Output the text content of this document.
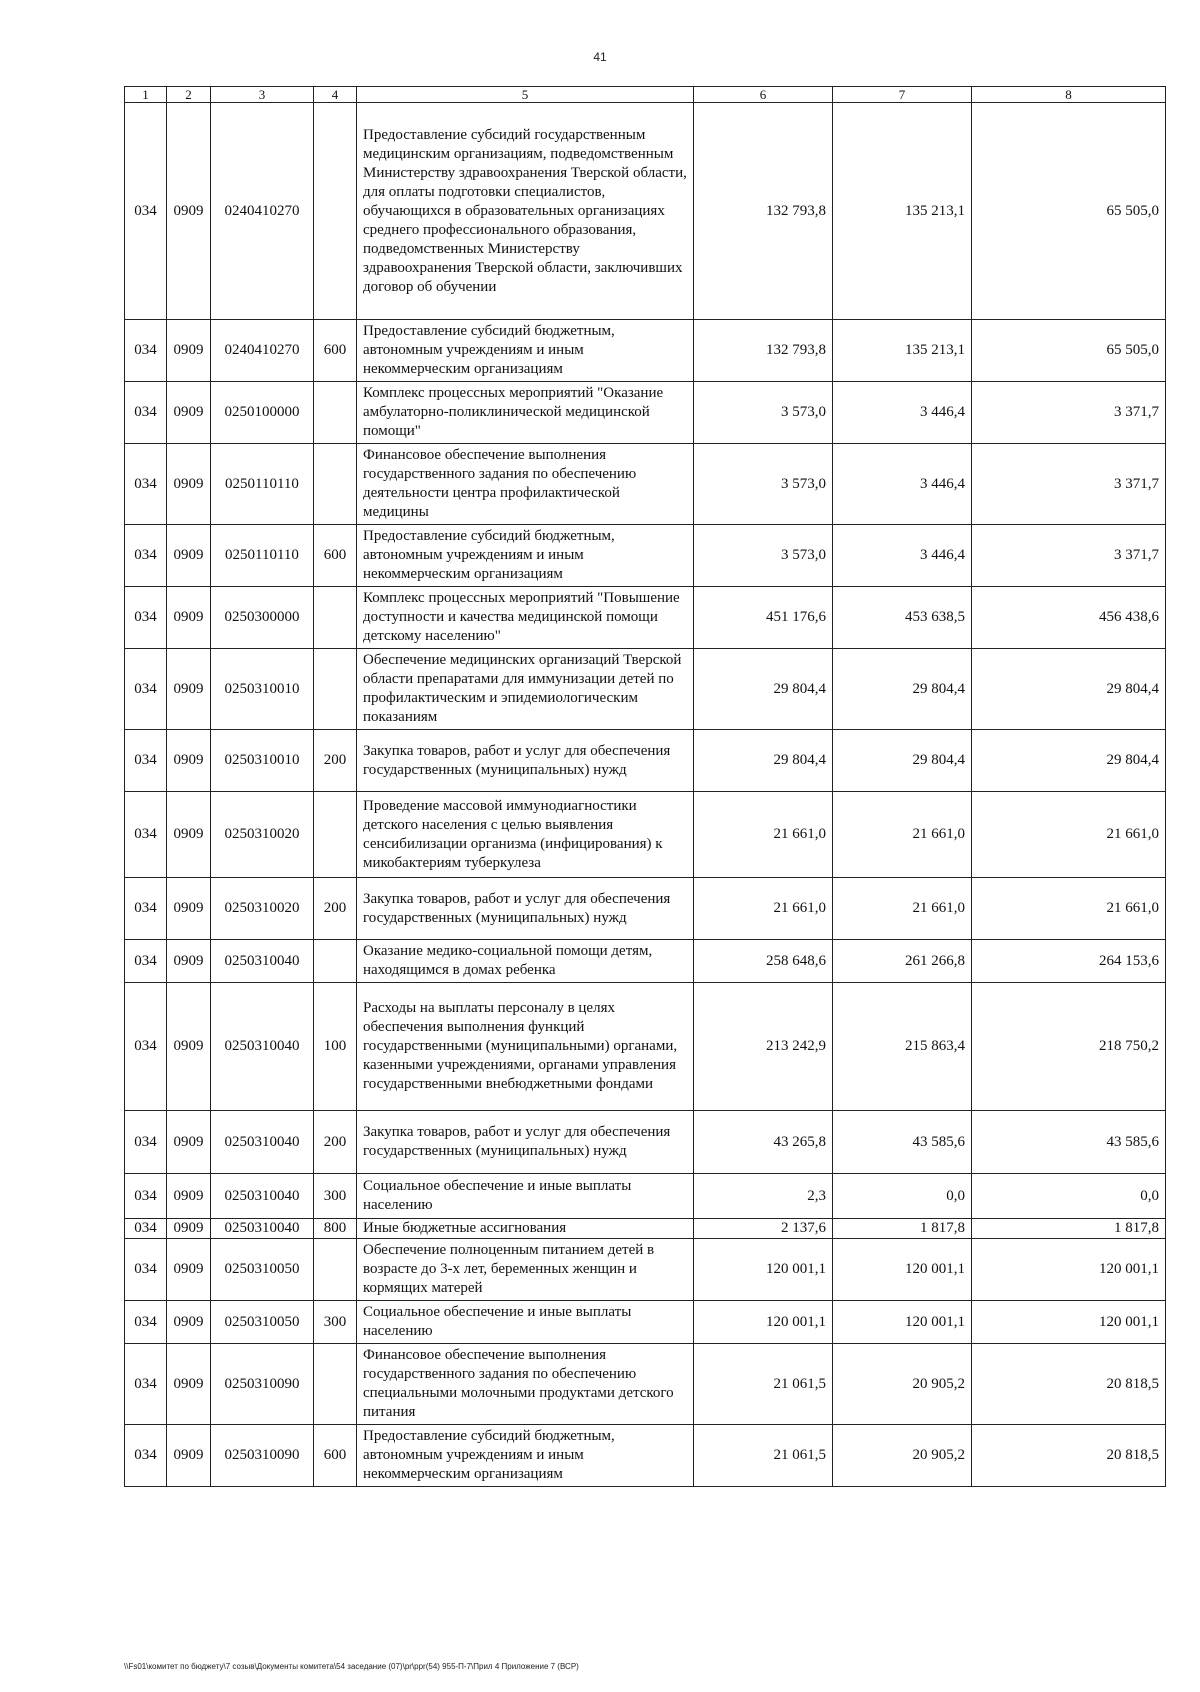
41
1	2	3	4	5	6	7	8
034	0909	0240410270		Предоставление субсидий государственным медицинским организациям, подведомственным Министерству здравоохранения Тверской области, для оплаты подготовки специалистов, обучающихся в образовательных организациях среднего профессионального образования, подведомственных Министерству здравоохранения Тверской области, заключивших договор об обучении	132 793,8	135 213,1	65 505,0
034	0909	0240410270	600	Предоставление субсидий бюджетным, автономным учреждениям и иным некоммерческим организациям	132 793,8	135 213,1	65 505,0
034	0909	0250100000		Комплекс процессных мероприятий "Оказание амбулаторно-поликлинической медицинской помощи"	3 573,0	3 446,4	3 371,7
034	0909	0250110110		Финансовое обеспечение выполнения государственного задания по обеспечению деятельности центра профилактической медицины	3 573,0	3 446,4	3 371,7
034	0909	0250110110	600	Предоставление субсидий бюджетным, автономным учреждениям и иным некоммерческим организациям	3 573,0	3 446,4	3 371,7
034	0909	0250300000		Комплекс процессных мероприятий "Повышение доступности и качества медицинской помощи детскому населению"	451 176,6	453 638,5	456 438,6
034	0909	0250310010		Обеспечение медицинских организаций Тверской области препаратами для иммунизации детей по профилактическим и эпидемиологическим показаниям	29 804,4	29 804,4	29 804,4
034	0909	0250310010	200	Закупка товаров, работ и услуг для обеспечения государственных (муниципальных) нужд	29 804,4	29 804,4	29 804,4
034	0909	0250310020		Проведение массовой иммунодиагностики детского населения с целью выявления сенсибилизации организма (инфицирования) к микобактериям туберкулеза	21 661,0	21 661,0	21 661,0
034	0909	0250310020	200	Закупка товаров, работ и услуг для обеспечения государственных (муниципальных) нужд	21 661,0	21 661,0	21 661,0
034	0909	0250310040		Оказание медико-социальной помощи детям, находящимся в домах ребенка	258 648,6	261 266,8	264 153,6
034	0909	0250310040	100	Расходы на выплаты персоналу в целях обеспечения выполнения функций государственными (муниципальными) органами, казенными учреждениями, органами управления государственными внебюджетными фондами	213 242,9	215 863,4	218 750,2
034	0909	0250310040	200	Закупка товаров, работ и услуг для обеспечения государственных (муниципальных) нужд	43 265,8	43 585,6	43 585,6
034	0909	0250310040	300	Социальное обеспечение и иные выплаты населению	2,3	0,0	0,0
034	0909	0250310040	800	Иные бюджетные ассигнования	2 137,6	1 817,8	1 817,8
034	0909	0250310050		Обеспечение полноценным питанием детей в возрасте до 3-х лет, беременных женщин и кормящих матерей	120 001,1	120 001,1	120 001,1
034	0909	0250310050	300	Социальное обеспечение и иные выплаты населению	120 001,1	120 001,1	120 001,1
034	0909	0250310090		Финансовое обеспечение выполнения государственного задания по обеспечению специальными молочными продуктами детского питания	21 061,5	20 905,2	20 818,5
034	0909	0250310090	600	Предоставление субсидий бюджетным, автономным учреждениям и иным некоммерческим организациям	21 061,5	20 905,2	20 818,5
\\Fs01\комитет по бюджету\7 созыв\Документы комитета\54 заседание (07)\pr\ppr(54) 955-П-7\Прил 4 Приложение 7 (ВСР)
